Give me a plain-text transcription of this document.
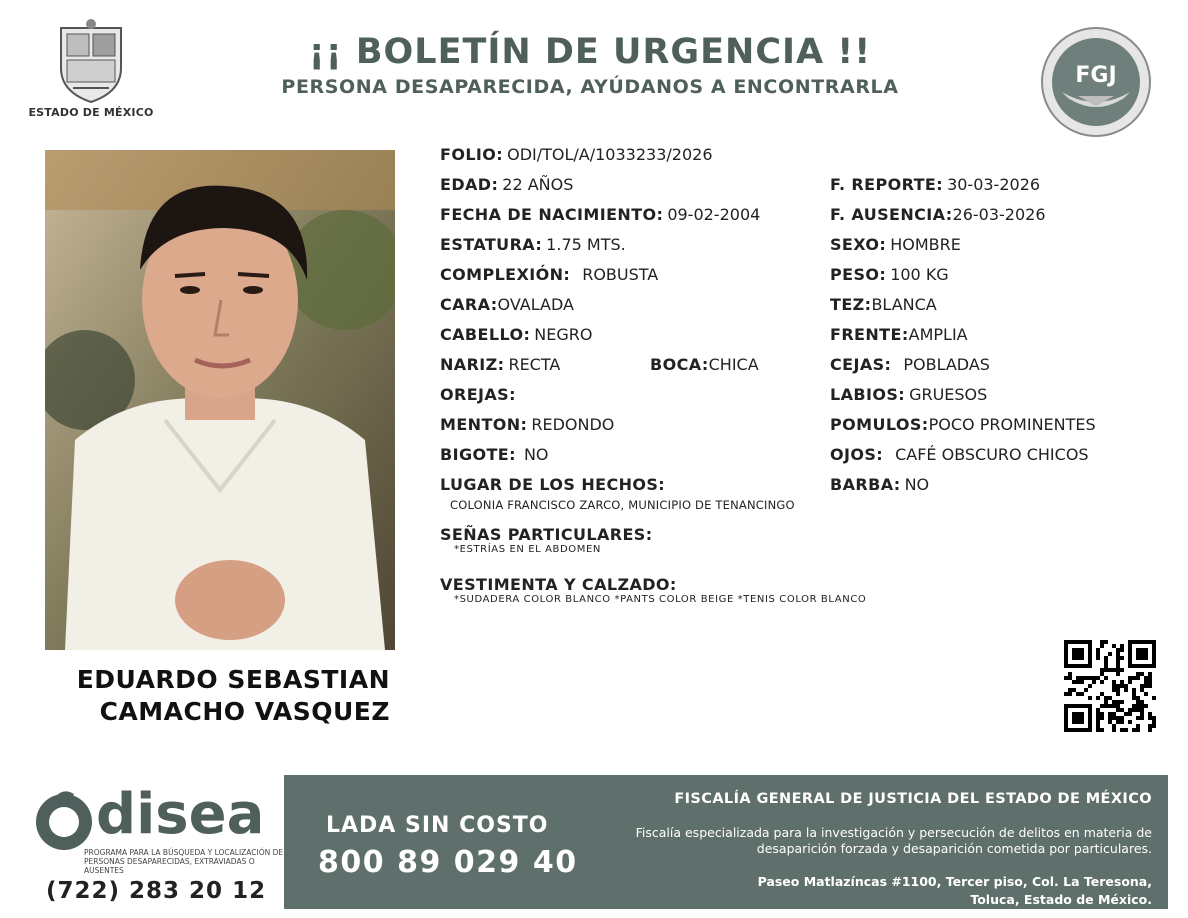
ESTADO DE MÉXICO
¡¡ BOLETÍN DE URGENCIA !!
PERSONA DESAPARECIDA, AYÚDANOS A ENCONTRARLA	FGJ
EDUARDO SEBASTIAN
CAMACHO VASQUEZ
FOLIO: ODI/TOL/A/1033233/2026
EDAD: 22 AÑOS
FECHA DE NACIMIENTO: 09-02-2004
ESTATURA: 1.75 MTS.
COMPLEXIÓN: ROBUSTA
CARA:OVALADA
CABELLO: NEGRO
NARIZ: RECTA	BOCA:CHICA
OREJAS:
MENTON: REDONDO
BIGOTE: NO
LUGAR DE LOS HECHOS:
COLONIA FRANCISCO ZARCO, MUNICIPIO DE TENANCINGO
SEÑAS PARTICULARES:
*ESTRÍAS EN EL ABDOMEN
VESTIMENTA Y CALZADO:
*SUDADERA COLOR BLANCO *PANTS COLOR BEIGE *TENIS COLOR BLANCO
F. REPORTE: 30-03-2026
F. AUSENCIA:26-03-2026
SEXO: HOMBRE
PESO: 100 KG
TEZ:BLANCA
FRENTE:AMPLIA
CEJAS: POBLADAS
LABIOS: GRUESOS
POMULOS:POCO PROMINENTES
OJOS: CAFÉ OBSCURO CHICOS
BARBA: NO
disea
PROGRAMA PARA LA BÚSQUEDA Y LOCALIZACIÓN DE PERSONAS DESAPARECIDAS, EXTRAVIADAS O AUSENTES
(722) 283 20 12
LADA SIN COSTO
800 89 029 40
FISCALÍA GENERAL DE JUSTICIA DEL ESTADO DE MÉXICO
Fiscalía especializada para la investigación y persecución de delitos en materia de desaparición forzada y desaparición cometida por particulares.
Paseo Matlazíncas #1100, Tercer piso, Col. La Teresona,
Toluca, Estado de México.
